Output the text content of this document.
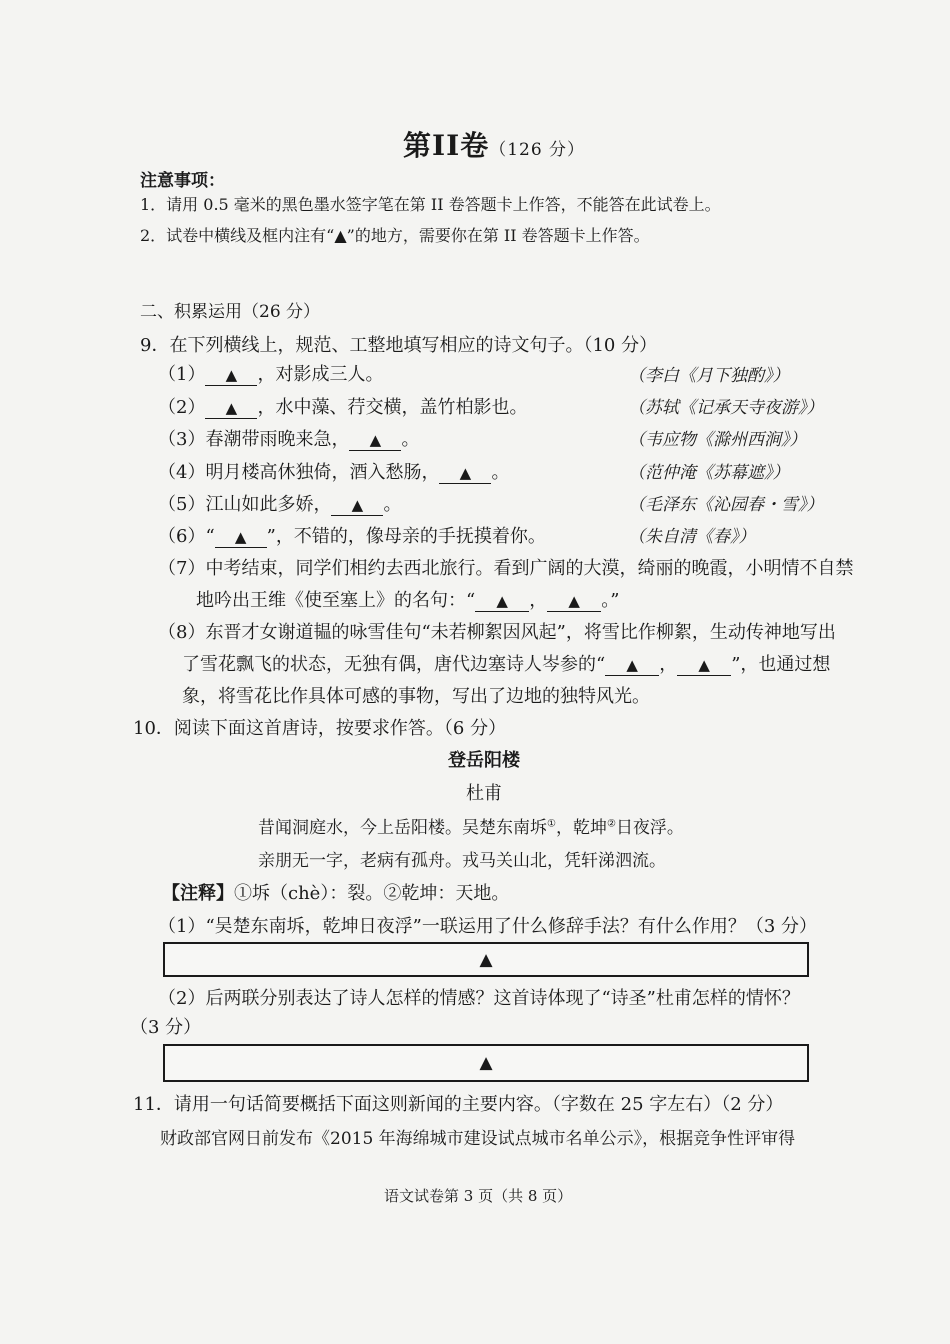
第II卷（126 分）
注意事项：
1．请用 0.5 毫米的黑色墨水签字笔在第 II 卷答题卡上作答，不能答在此试卷上。
2．试卷中横线及框内注有“▲”的地方，需要你在第 II 卷答题卡上作答。
二、积累运用（26 分）
9．在下列横线上，规范、工整地填写相应的诗文句子。（10 分）
（1） ▲ ，对影成三人。	（李白《月下独酌》）
（2） ▲ ，水中藻、荇交横，盖竹柏影也。	（苏轼《记承天寺夜游》）
（3）春潮带雨晚来急， ▲ 。	（韦应物《滁州西涧》）
（4）明月楼高休独倚，酒入愁肠， ▲ 。	（范仲淹《苏幕遮》）
（5）江山如此多娇， ▲ 。	（毛泽东《沁园春・雪》）
（6）“ ▲ ”，不错的，像母亲的手抚摸着你。	（朱自清《春》）
（7）中考结束，同学们相约去西北旅行。看到广阔的大漠，绮丽的晚霞，小明情不自禁
地吟出王维《使至塞上》的名句：“ ▲ ， ▲ 。”
（8）东晋才女谢道韫的咏雪佳句“未若柳絮因风起”，将雪比作柳絮，生动传神地写出
了雪花飘飞的状态，无独有偶，唐代边塞诗人岑参的“ ▲ ， ▲ ”，也通过想
象，将雪花比作具体可感的事物，写出了边地的独特风光。
10．阅读下面这首唐诗，按要求作答。（6 分）
登岳阳楼
杜甫
昔闻洞庭水，今上岳阳楼。吴楚东南坼①，乾坤②日夜浮。
亲朋无一字，老病有孤舟。戎马关山北，凭轩涕泗流。
【注释】①坼（chè）：裂。②乾坤：天地。
（1）“吴楚东南坼，乾坤日夜浮”一联运用了什么修辞手法？有什么作用？（3 分）
▲
（2）后两联分别表达了诗人怎样的情感？这首诗体现了“诗圣”杜甫怎样的情怀？
（3 分）
▲
11．请用一句话简要概括下面这则新闻的主要内容。（字数在 25 字左右）（2 分）
财政部官网日前发布《2015 年海绵城市建设试点城市名单公示》，根据竞争性评审得
语文试卷第 3 页（共 8 页）
